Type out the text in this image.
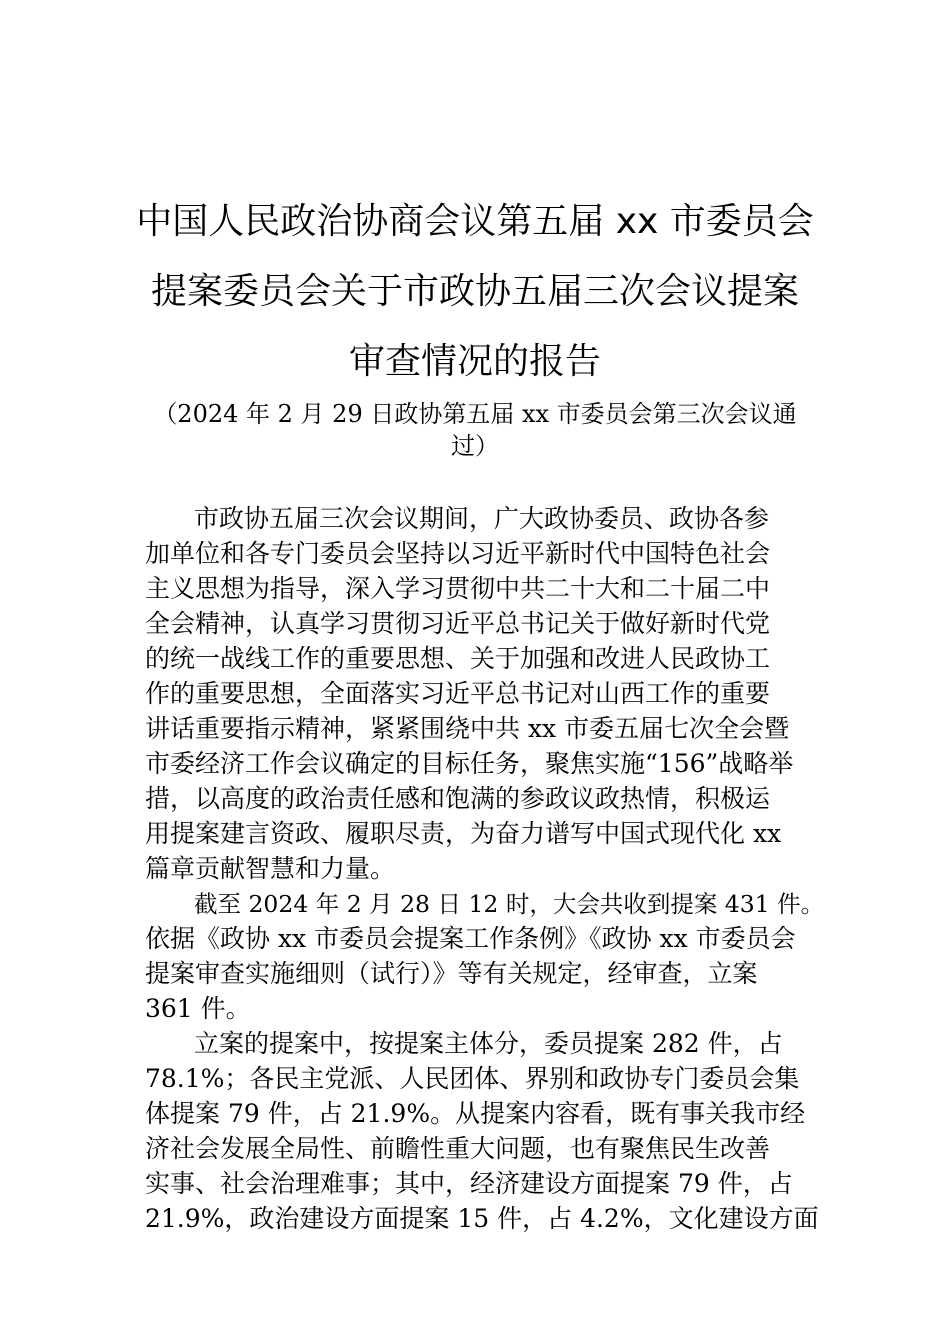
中国人民政治协商会议第五届 xx 市委员会
提案委员会关于市政协五届三次会议提案
审查情况的报告
（2024 年 2 月 29 日政协第五届 xx 市委员会第三次会议通
过）
市政协五届三次会议期间，广大政协委员、政协各参
加单位和各专门委员会坚持以习近平新时代中国特色社会
主义思想为指导，深入学习贯彻中共二十大和二十届二中
全会精神，认真学习贯彻习近平总书记关于做好新时代党
的统一战线工作的重要思想、关于加强和改进人民政协工
作的重要思想，全面落实习近平总书记对山西工作的重要
讲话重要指示精神，紧紧围绕中共 xx 市委五届七次全会暨
市委经济工作会议确定的目标任务，聚焦实施“156”战略举
措，以高度的政治责任感和饱满的参政议政热情，积极运
用提案建言资政、履职尽责，为奋力谱写中国式现代化 xx
篇章贡献智慧和力量。
截至 2024 年 2 月 28 日 12 时，大会共收到提案 431 件。
依据《政协 xx 市委员会提案工作条例》《政协 xx 市委员会
提案审查实施细则（试行）》等有关规定，经审查，立案
361 件。
立案的提案中，按提案主体分，委员提案 282 件，占
78.1%；各民主党派、人民团体、界别和政协专门委员会集
体提案 79 件，占 21.9%。从提案内容看，既有事关我市经
济社会发展全局性、前瞻性重大问题，也有聚焦民生改善
实事、社会治理难事；其中，经济建设方面提案 79 件，占
21.9%，政治建设方面提案 15 件，占 4.2%，文化建设方面
